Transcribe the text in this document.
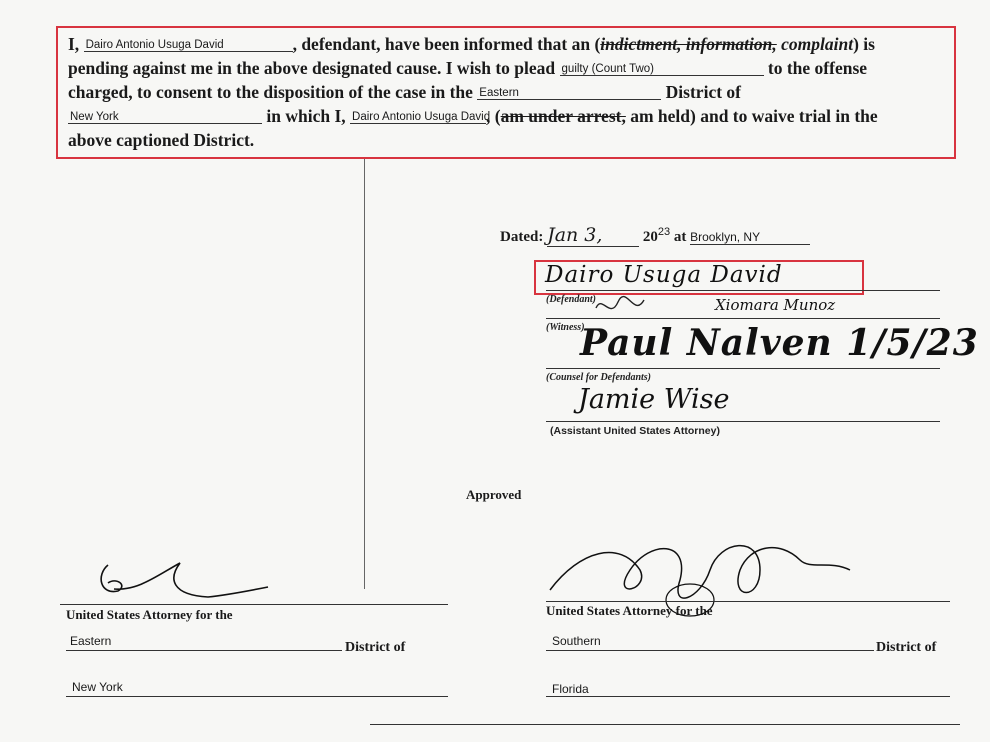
I, Dairo Antonio Usuga David	, defendant, have been informed that an (indictment, information, complaint) is
pending against me in the above designated cause. I wish to plead guilty (Count Two)	to the offense
charged, to consent to the disposition of the case in the Eastern	District of
New York	in which I, Dairo Antonio Usuga David, (am under arrest, am held) and to waive trial in the
above captioned District.
Dated: Jan 3,	$20^{23}$ at Brooklyn, NY
Dairo Usuga David
(Defendant)	Xiomara Munoz
(Witness)
Paul Nalven 1/5/23
(Counsel for Defendants)
Jamie Wise
(Assistant United States Attorney)
Approved
United States Attorney for the
Eastern	District of
New York
United States Attorney for the
Southern	District of
Florida
